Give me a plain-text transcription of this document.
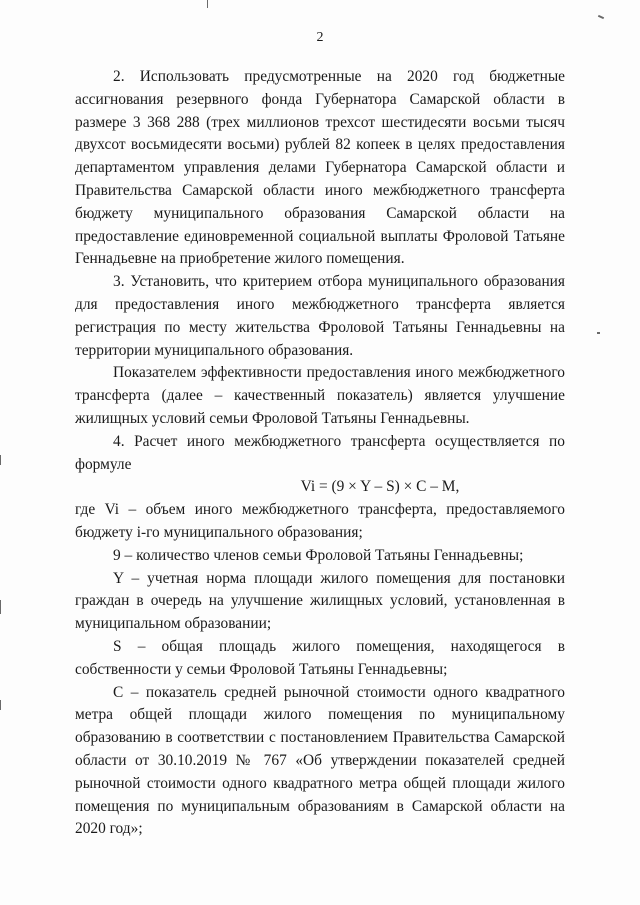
2

2. Использовать предусмотренные на 2020 год бюджетные ассигнования резервного фонда Губернатора Самарской области в размере 3 368 288 (трех миллионов трехсот шестидесяти восьми тысяч двухсот восьмидесяти восьми) рублей 82 копеек в целях предоставления департаментом управления делами Губернатора Самарской области и Правительства Самарской области иного межбюджетного трансферта бюджету муниципального образования Самарской области на предоставление единовременной социальной выплаты Фроловой Татьяне Геннадьевне на приобретение жилого помещения.

3. Установить, что критерием отбора муниципального образования для предоставления иного межбюджетного трансферта является регистрация по месту жительства Фроловой Татьяны Геннадьевны на территории муниципального образования.

Показателем эффективности предоставления иного межбюджетного трансферта (далее – качественный показатель) является улучшение жилищных условий семьи Фроловой Татьяны Геннадьевны.

4. Расчет иного межбюджетного трансферта осуществляется по формуле

Vi = (9 × Y – S) × C – M,

где Vi – объем иного межбюджетного трансферта, предоставляемого бюджету i-го муниципального образования;

9 – количество членов семьи Фроловой Татьяны Геннадьевны;

Y – учетная норма площади жилого помещения для постановки граждан в очередь на улучшение жилищных условий, установленная в муниципальном образовании;

S – общая площадь жилого помещения, находящегося в собственности у семьи Фроловой Татьяны Геннадьевны;

C – показатель средней рыночной стоимости одного квадратного метра общей площади жилого помещения по муниципальному образованию в соответствии с постановлением Правительства Самарской области от 30.10.2019 № 767 «Об утверждении показателей средней рыночной стоимости одного квадратного метра общей площади жилого помещения по муниципальным образованиям в Самарской области на 2020 год»;
